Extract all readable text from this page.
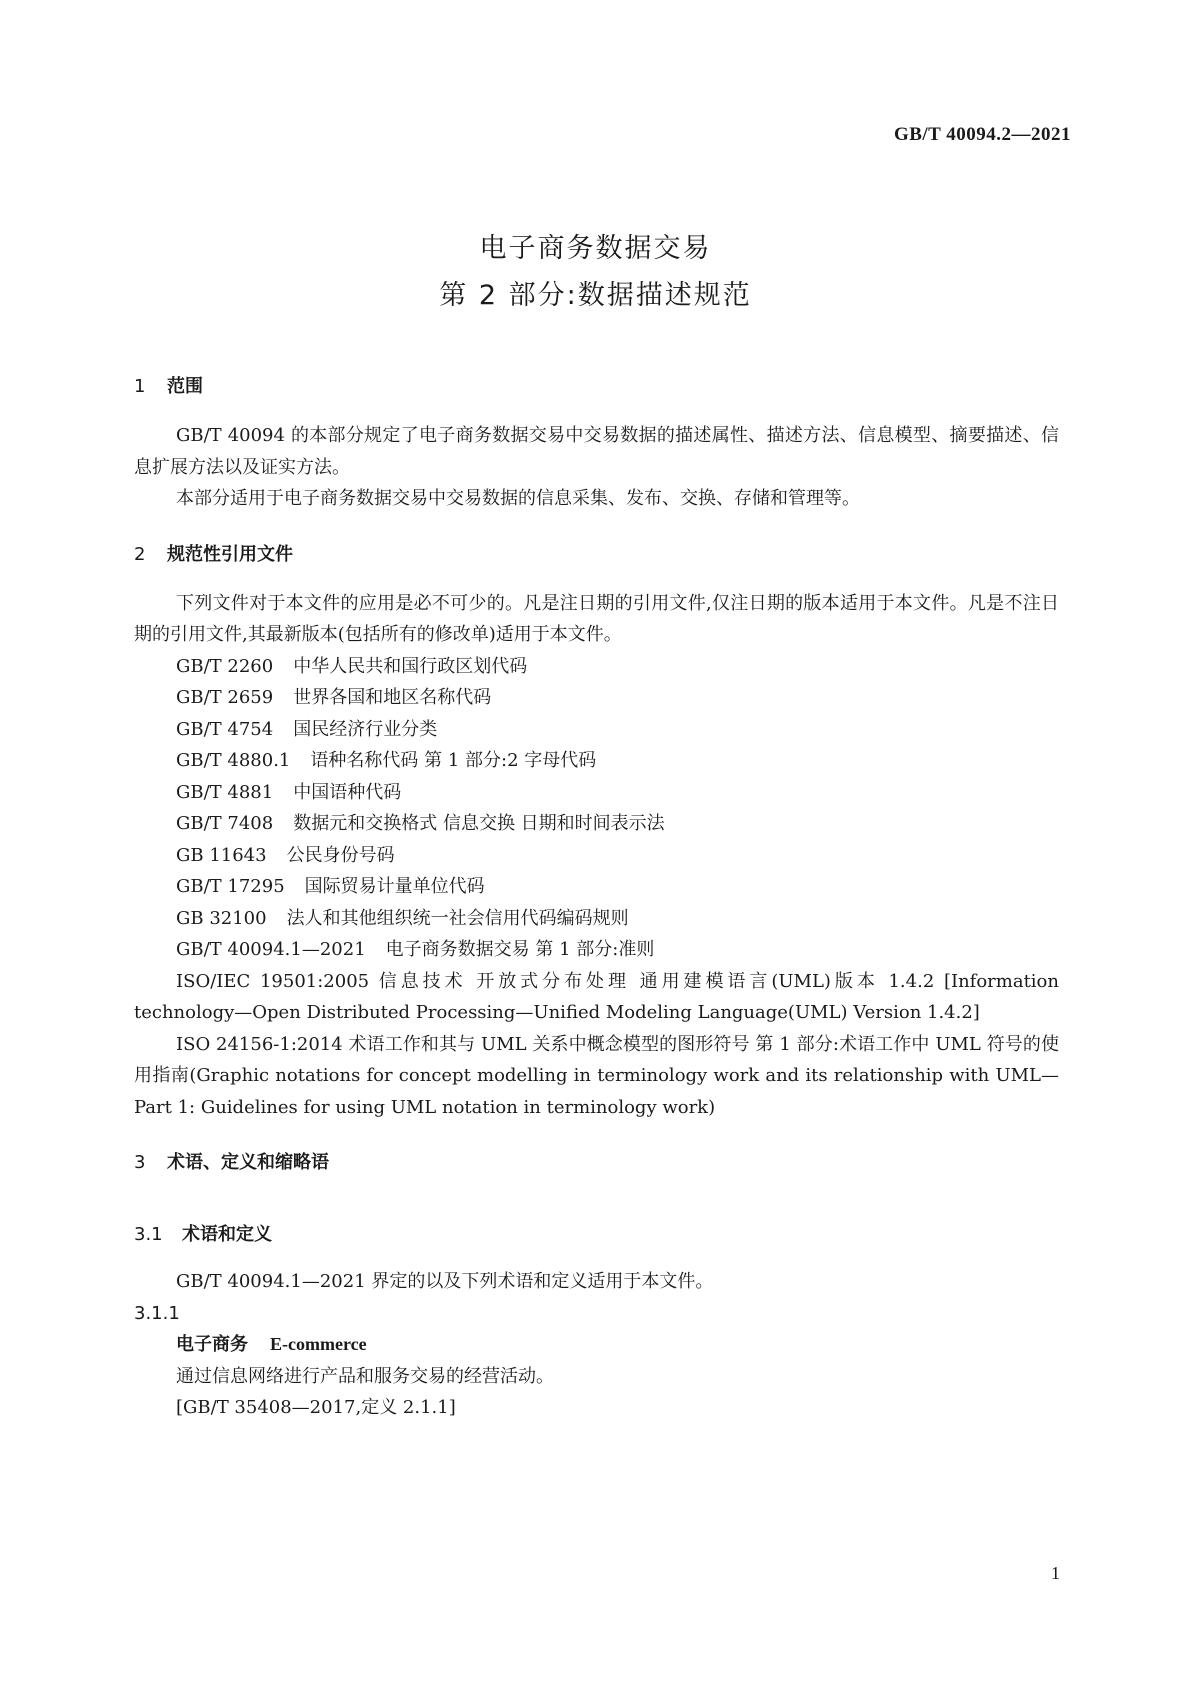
GB/T 40094.2—2021
电子商务数据交易
第 2 部分:数据描述规范
1 范围

GB/T 40094 的本部分规定了电子商务数据交易中交易数据的描述属性、描述方法、信息模型、摘要描述、信息扩展方法以及证实方法。

本部分适用于电子商务数据交易中交易数据的信息采集、发布、交换、存储和管理等。

2 规范性引用文件

下列文件对于本文件的应用是必不可少的。凡是注日期的引用文件,仅注日期的版本适用于本文件。凡是不注日期的引用文件,其最新版本(包括所有的修改单)适用于本文件。

GB/T 2260 中华人民共和国行政区划代码

GB/T 2659 世界各国和地区名称代码

GB/T 4754 国民经济行业分类

GB/T 4880.1 语种名称代码 第 1 部分:2 字母代码

GB/T 4881 中国语种代码

GB/T 7408 数据元和交换格式 信息交换 日期和时间表示法

GB 11643 公民身份号码

GB/T 17295 国际贸易计量单位代码

GB 32100 法人和其他组织统一社会信用代码编码规则

GB/T 40094.1—2021 电子商务数据交易 第 1 部分:准则

ISO/IEC 19501:2005 信息技术 开放式分布处理 通用建模语言(UML)版本 1.4.2 [Information technology—Open Distributed Processing—Unified Modeling Language(UML) Version 1.4.2]

ISO 24156-1:2014 术语工作和其与 UML 关系中概念模型的图形符号 第 1 部分:术语工作中 UML 符号的使用指南(Graphic notations for concept modelling in terminology work and its relationship with UML—Part 1: Guidelines for using UML notation in terminology work)

3 术语、定义和缩略语
3.1 术语和定义

GB/T 40094.1—2021 界定的以及下列术语和定义适用于本文件。

3.1.1

电子商务 E-commerce

通过信息网络进行产品和服务交易的经营活动。

[GB/T 35408—2017,定义 2.1.1]

1
